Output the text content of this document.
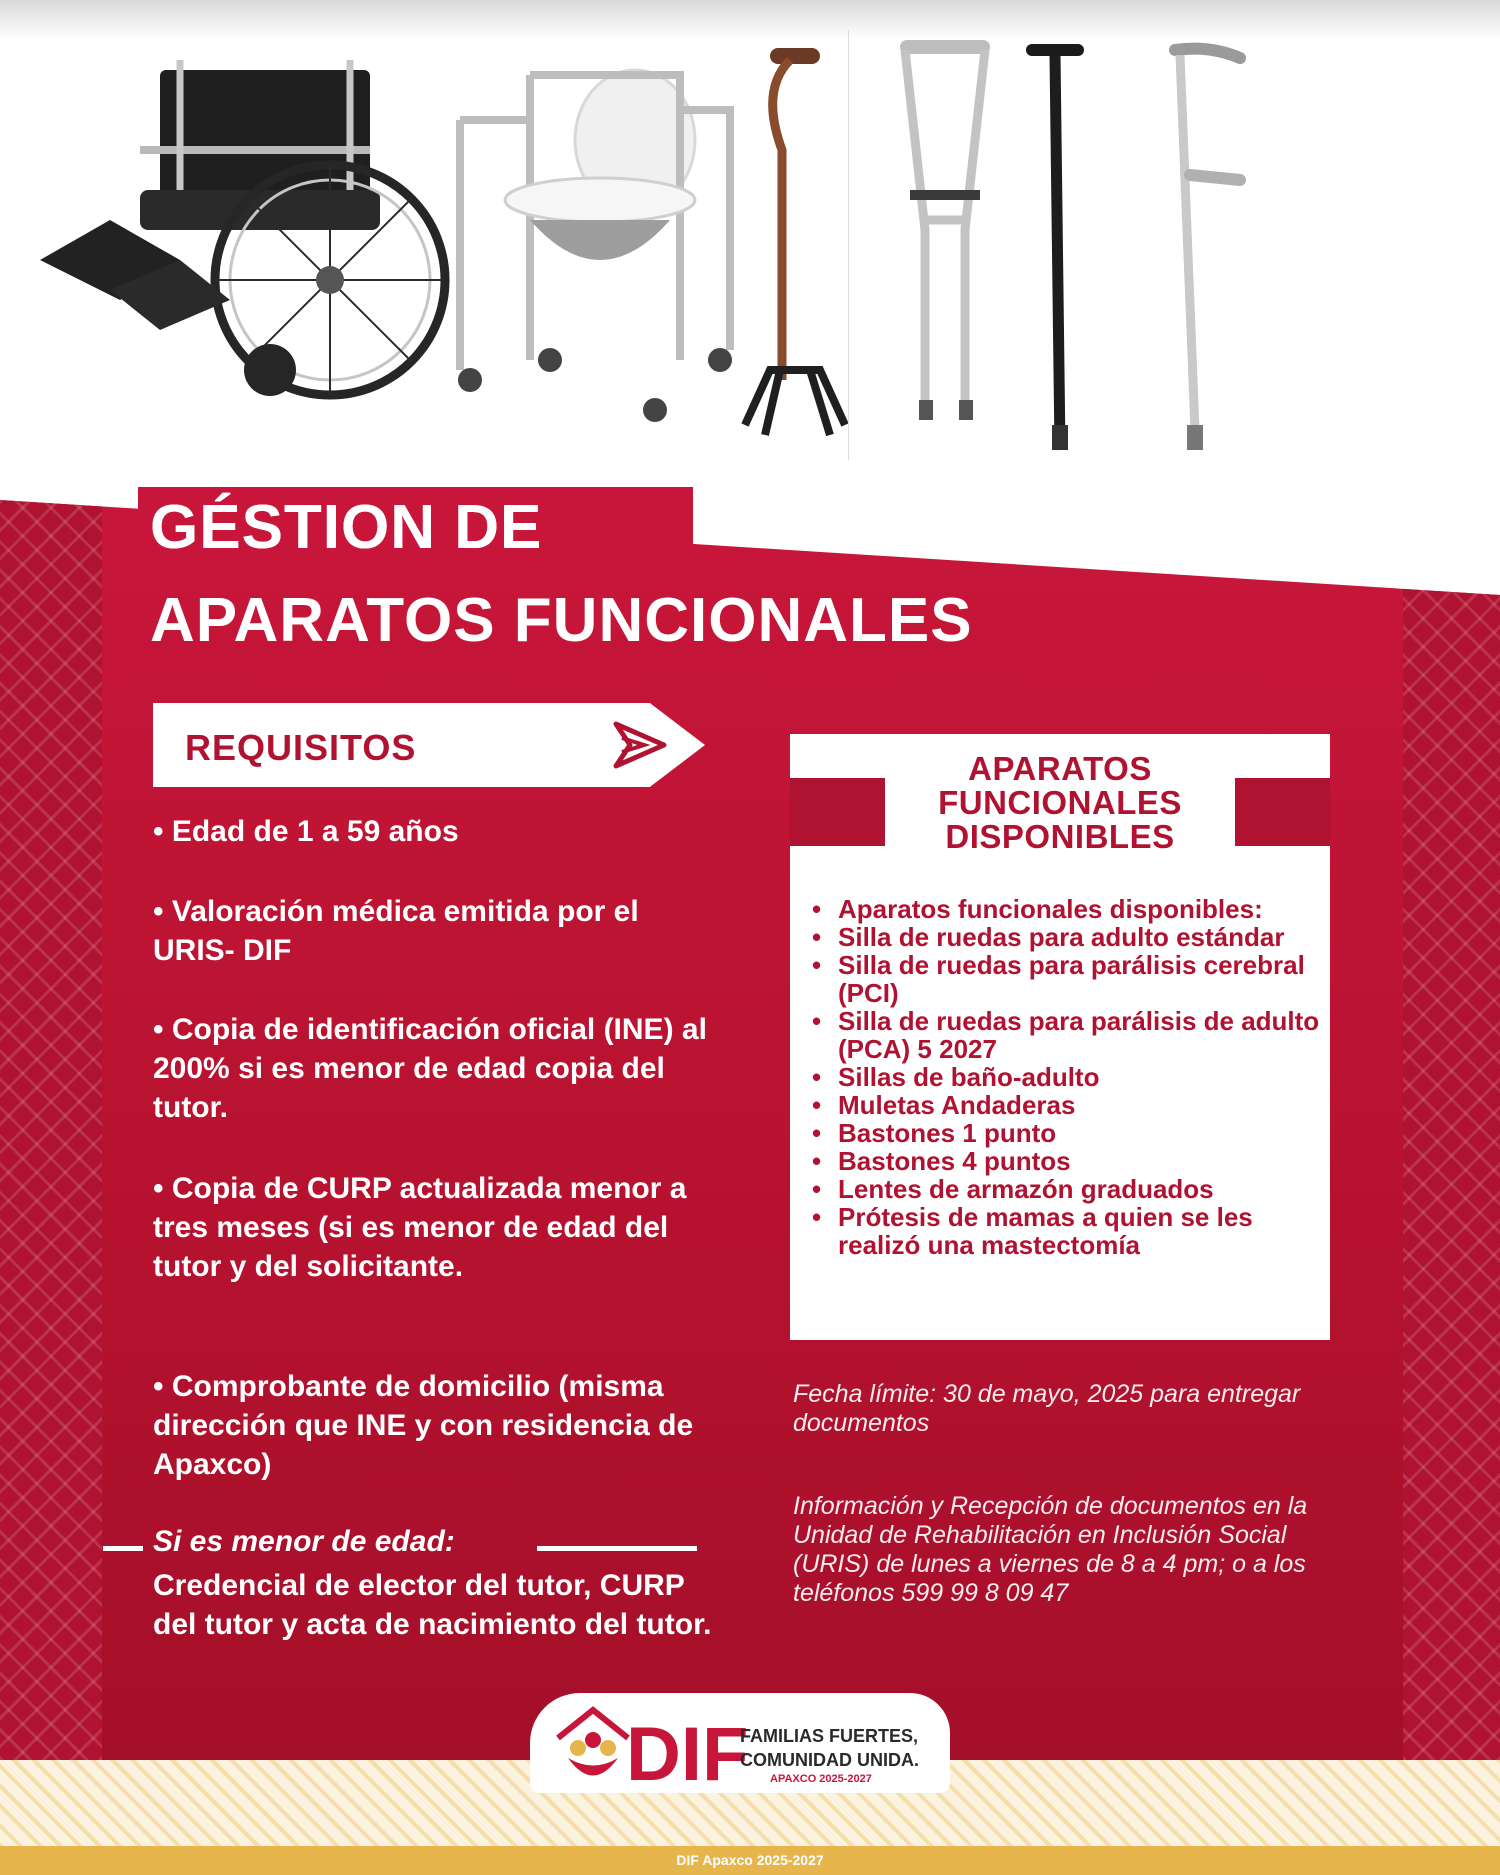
GÉSTION DE
APARATOS FUNCIONALES
REQUISITOS
• Edad de 1 a 59 años
• Valoración médica emitida por el URIS- DIF
• Copia de identificación oficial (INE) al 200% si es menor de edad copia del tutor.
• Copia de CURP actualizada menor a tres meses (si es menor de edad del tutor y del solicitante.
• Comprobante de domicilio (misma dirección que INE y con residencia de Apaxco)
Si es menor de edad:
Credencial de elector del tutor, CURP del tutor y acta de nacimiento del tutor.
APARATOS FUNCIONALES DISPONIBLES
• Aparatos funcionales disponibles:
• Silla de ruedas para adulto estándar
• Silla de ruedas para parálisis cerebral (PCI)
• Silla de ruedas para parálisis de adulto (PCA) 5 2027
• Sillas de baño-adulto
• Muletas Andaderas
• Bastones 1 punto
• Bastones 4 puntos
• Lentes de armazón graduados
• Prótesis de mamas a quien se les realizó una mastectomía
Fecha límite: 30 de mayo, 2025 para entregar documentos
Información y Recepción de documentos en la Unidad de Rehabilitación en Inclusión Social (URIS) de lunes a viernes de 8 a 4 pm; o a los teléfonos 599 99 8 09 47
DIF
FAMILIAS FUERTES,
COMUNIDAD UNIDA.
APAXCO 2025-2027
DIF Apaxco 2025-2027
